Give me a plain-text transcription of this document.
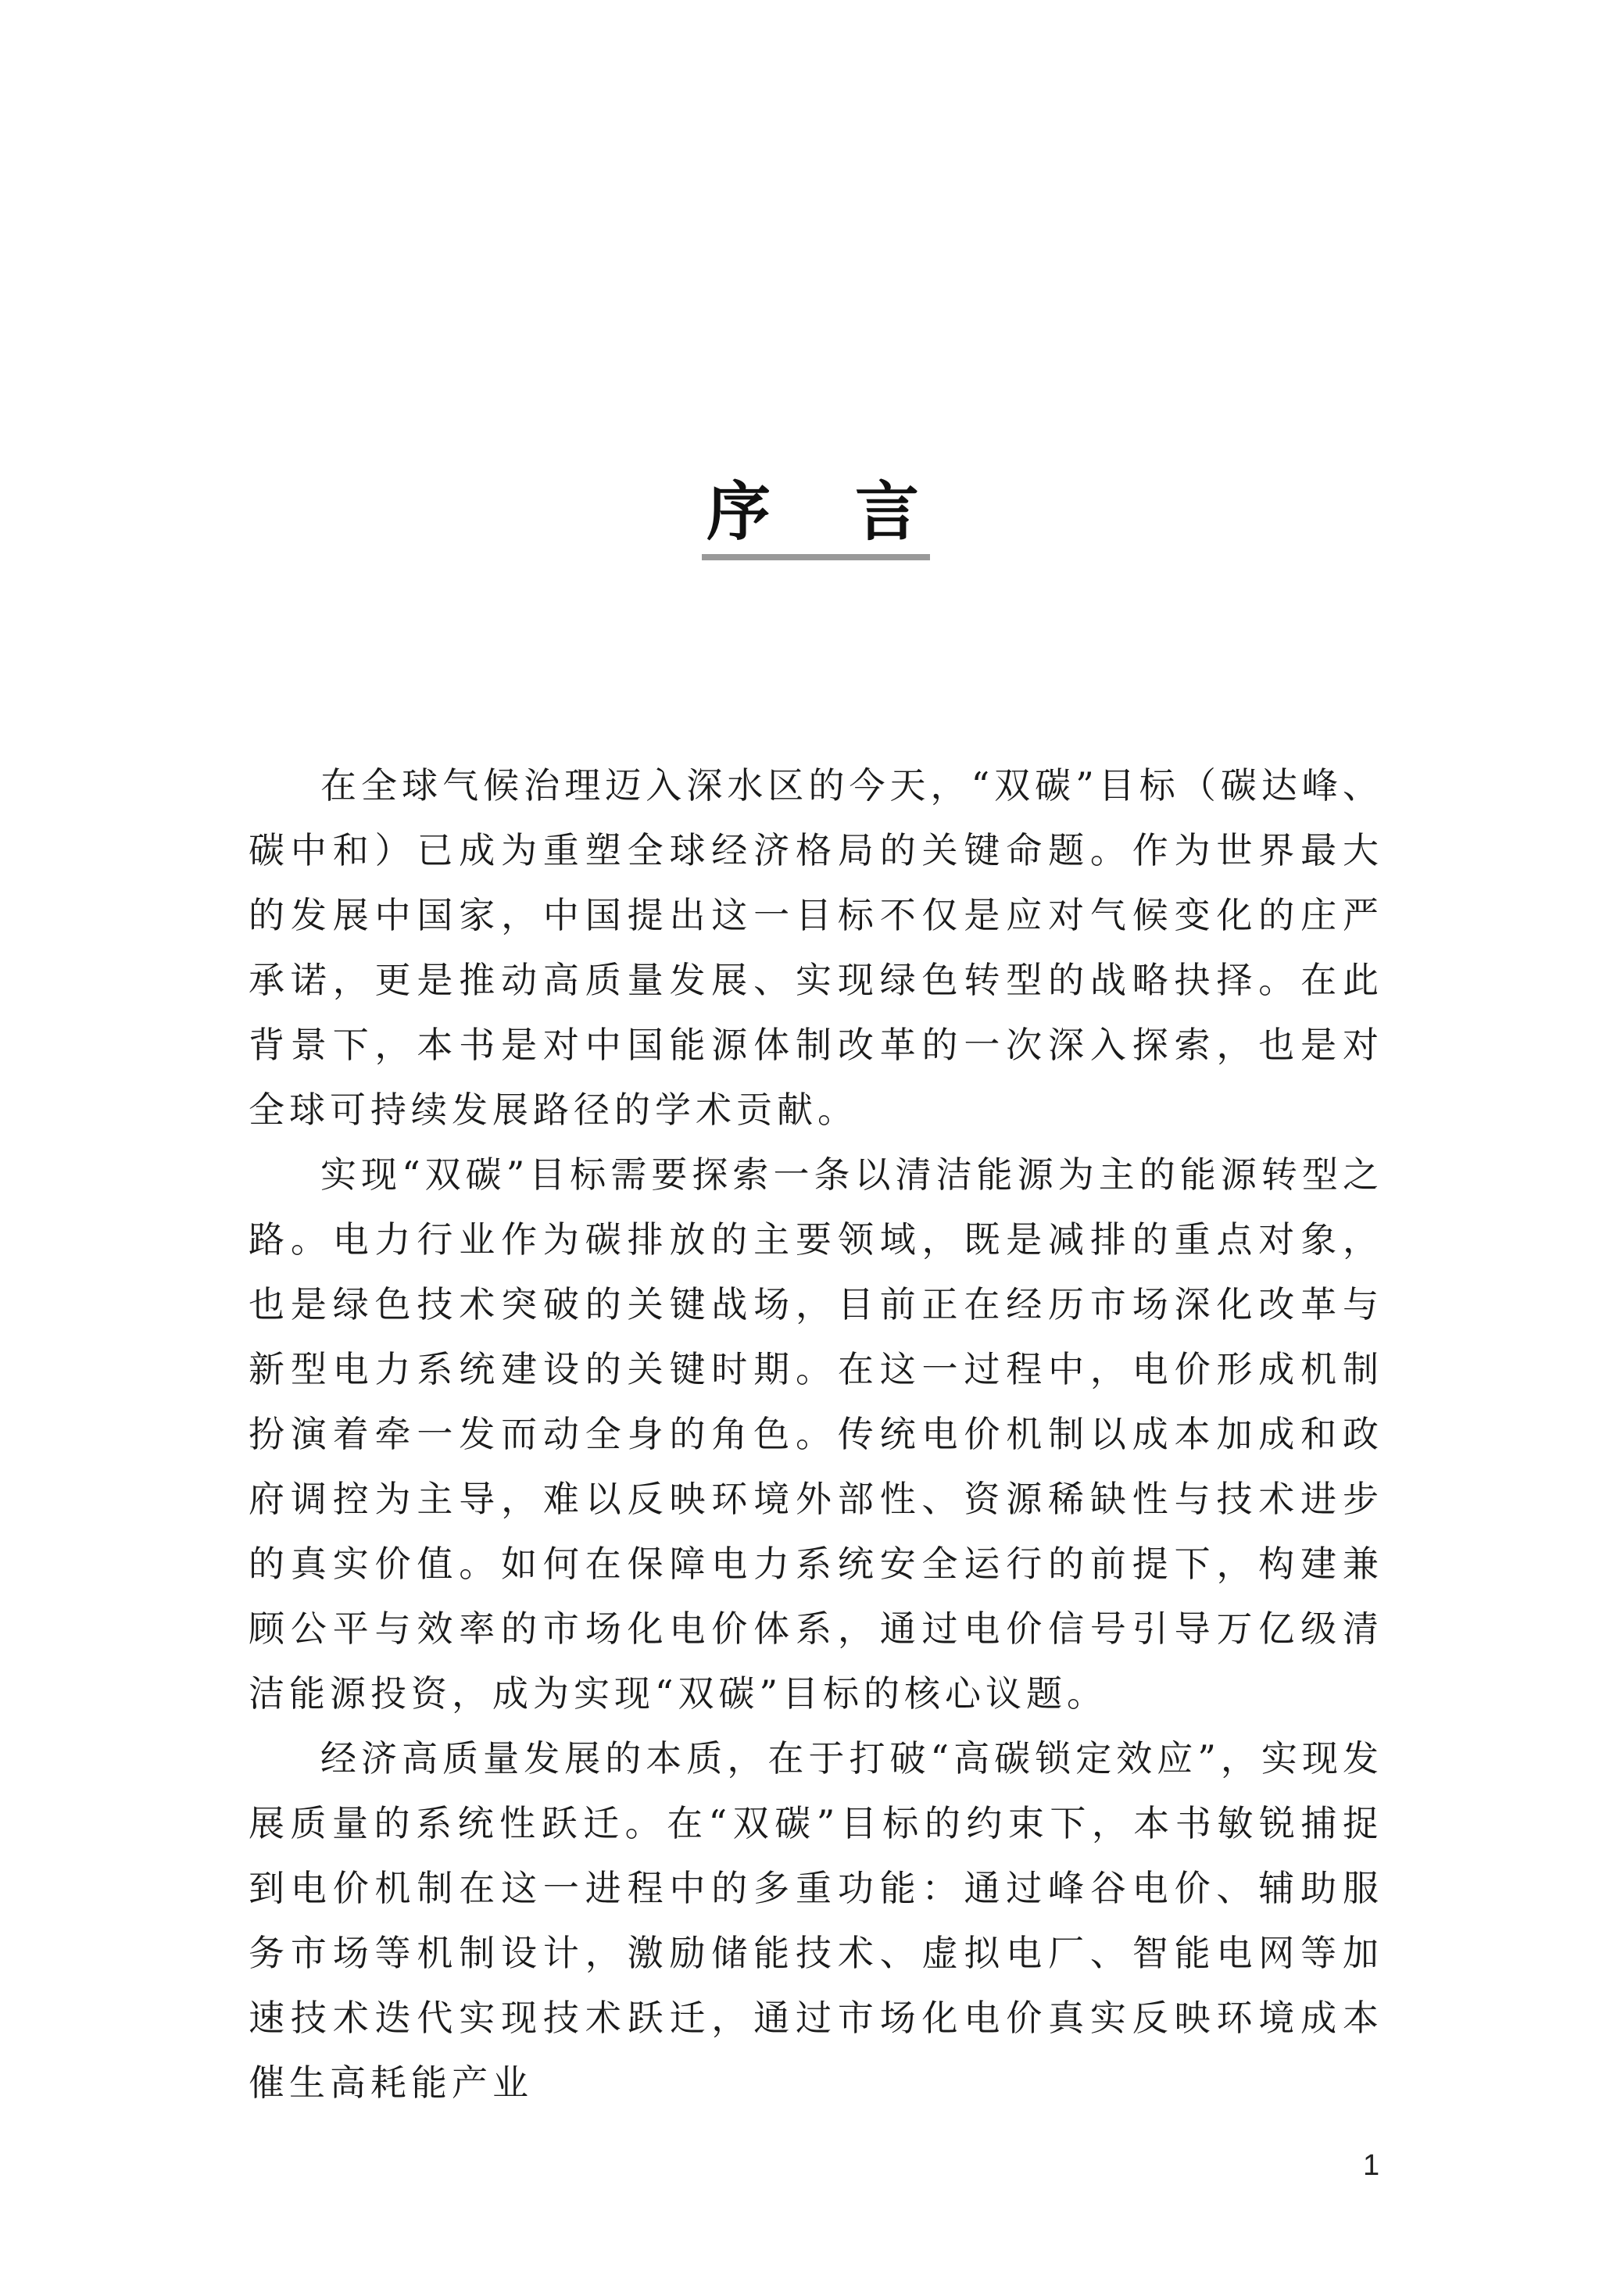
序 言

在全球气候治理迈入深水区的今天，“双碳”目标（碳达峰、碳中和）已成为重塑全球经济格局的关键命题。作为世界最大的发展中国家，中国提出这一目标不仅是应对气候变化的庄严承诺，更是推动高质量发展、实现绿色转型的战略抉择。在此背景下，本书是对中国能源体制改革的一次深入探索，也是对全球可持续发展路径的学术贡献。

实现“双碳”目标需要探索一条以清洁能源为主的能源转型之路。电力行业作为碳排放的主要领域，既是减排的重点对象，也是绿色技术突破的关键战场，目前正在经历市场深化改革与新型电力系统建设的关键时期。在这一过程中，电价形成机制扮演着牵一发而动全身的角色。传统电价机制以成本加成和政府调控为主导，难以反映环境外部性、资源稀缺性与技术进步的真实价值。如何在保障电力系统安全运行的前提下，构建兼顾公平与效率的市场化电价体系，通过电价信号引导万亿级清洁能源投资，成为实现“双碳”目标的核心议题。

经济高质量发展的本质，在于打破“高碳锁定效应”，实现发展质量的系统性跃迁。在“双碳”目标的约束下，本书敏锐捕捉到电价机制在这一进程中的多重功能：通过峰谷电价、辅助服务市场等机制设计，激励储能技术、虚拟电厂、智能电网等加速技术迭代实现技术跃迁，通过市场化电价真实反映环境成本催生高耗能产业

1
